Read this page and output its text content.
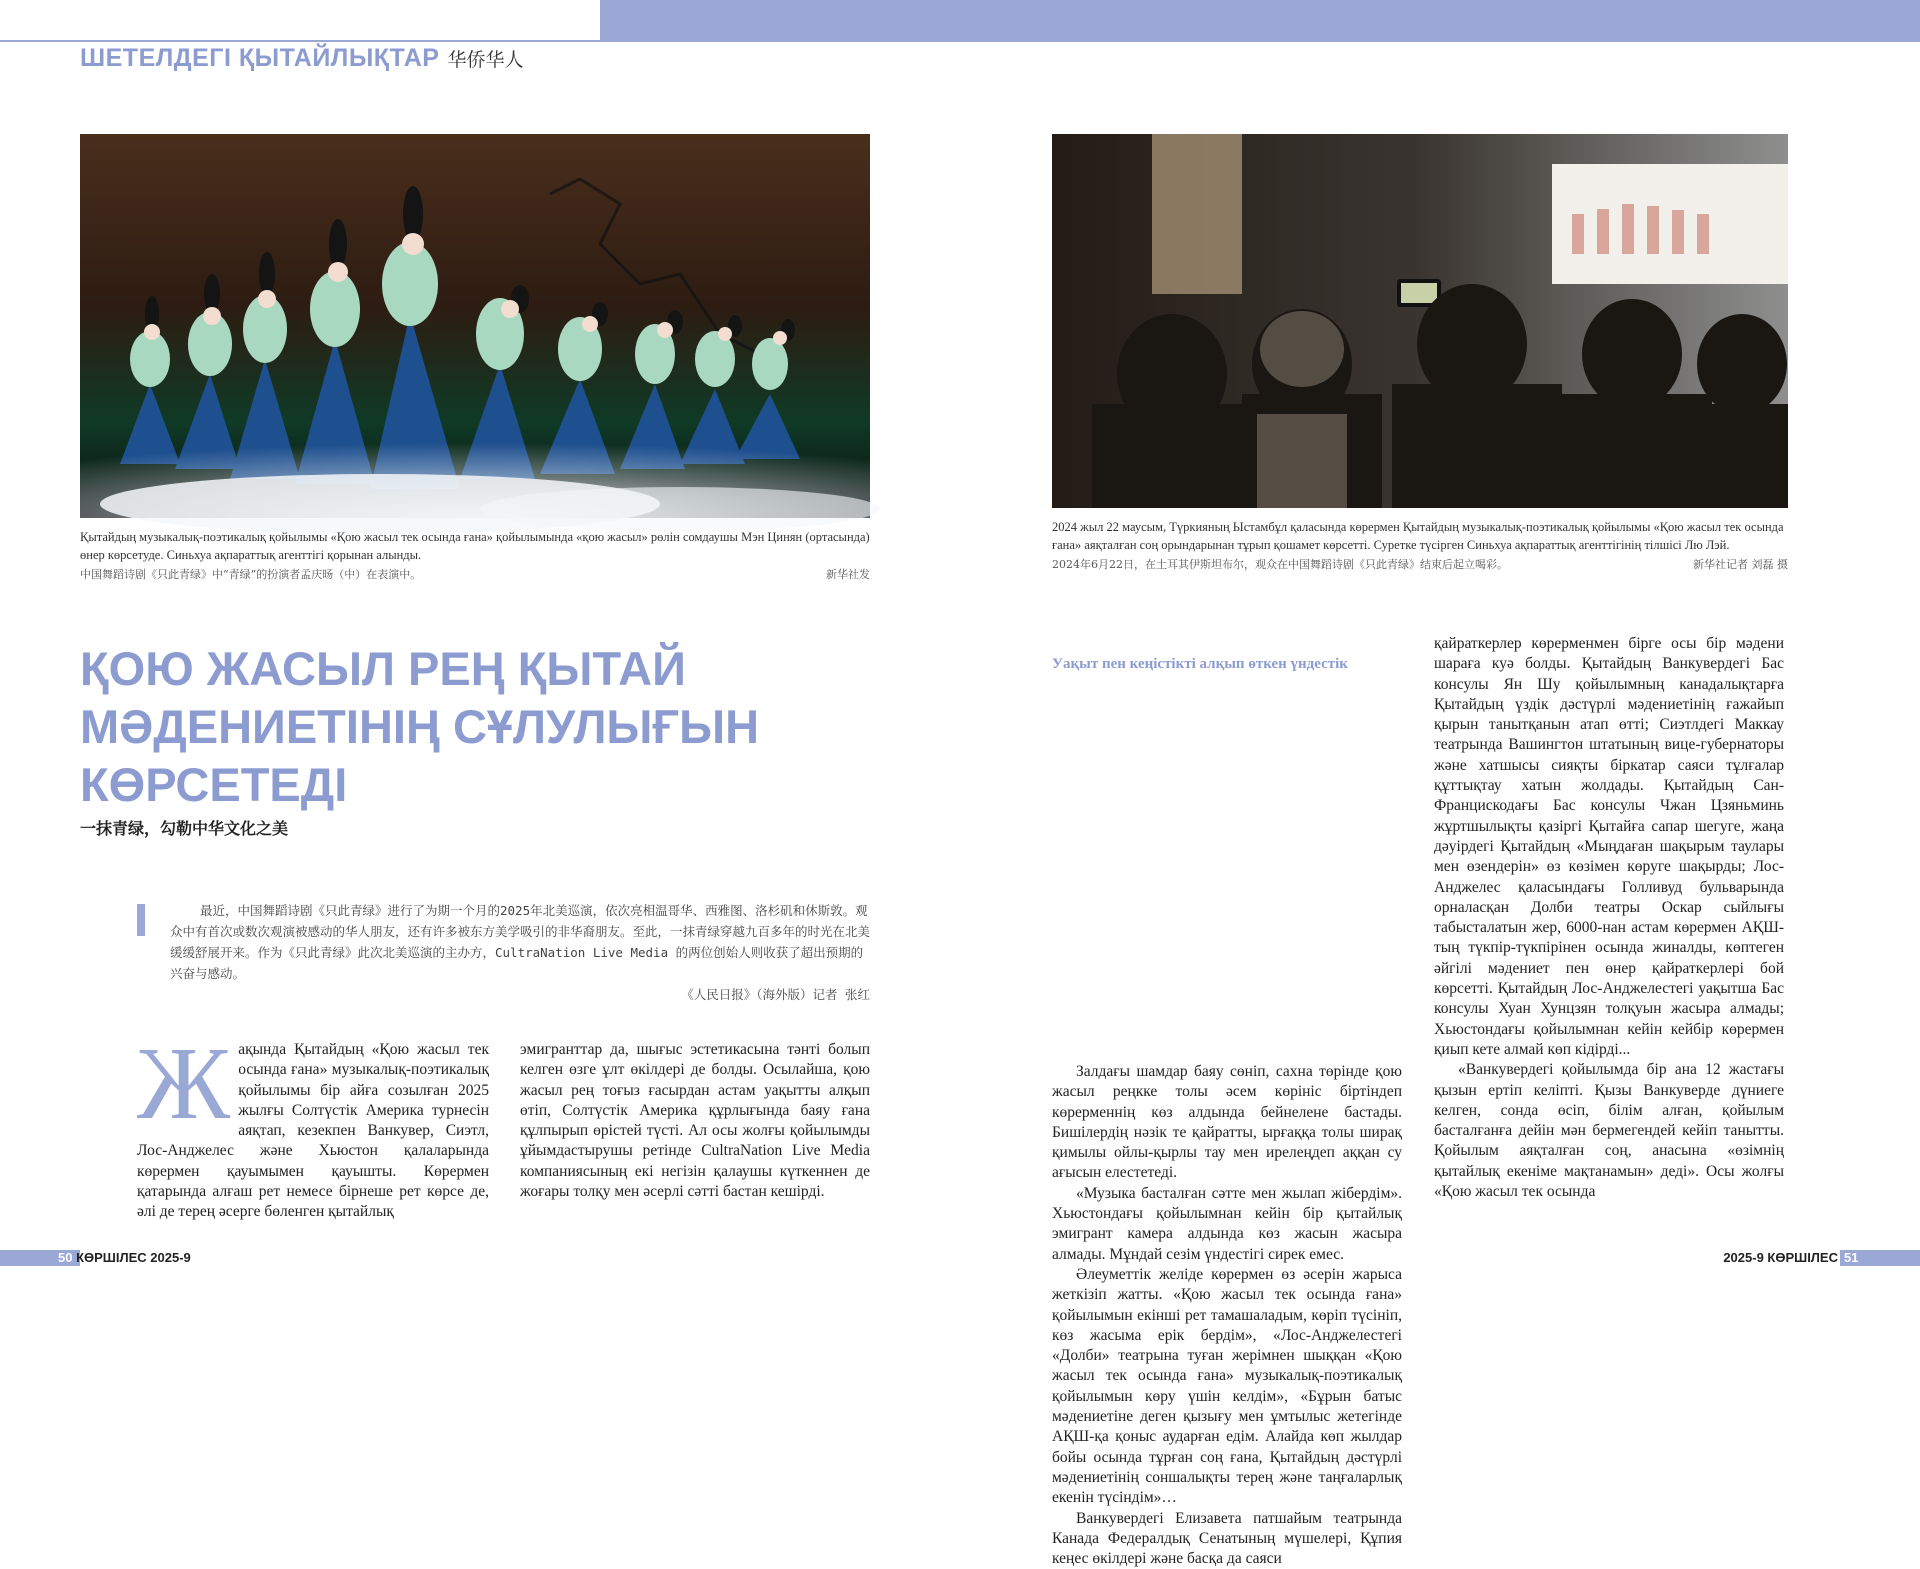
ШЕТЕЛДЕГІ ҚЫТАЙЛЫҚТАР 华侨华人
Қытайдың музыкалық-поэтикалық қойылымы «Қою жасыл тек осында ғана» қойылымында «қою жасыл» рөлін сомдаушы Мэн Цинян (ортасында) өнер көрсетуде. Синьхуа ақпараттық агенттігі қорынан алынды.
中国舞蹈诗剧《只此青绿》中“青绿”的扮演者孟庆旸（中）在表演中。	新华社发
2024 жыл 22 маусым, Түркияның Ыстамбұл қаласында көрермен Қытайдың музыкалық-поэтикалық қойылымы «Қою жасыл тек осында ғана» аяқталған соң орындарынан тұрып қошамет көрсетті. Суретке түсірген Синьхуа ақпараттық агенттігінің тілшісі Лю Лэй.
2024年6月22日，在土耳其伊斯坦布尔，观众在中国舞蹈诗剧《只此青绿》结束后起立喝彩。	新华社记者 刘磊 摄
ҚОЮ ЖАСЫЛ РЕҢ ҚЫТАЙ МӘДЕНИЕТІНІҢ СҰЛУЛЫҒЫН КӨРСЕТЕДІ
一抹青绿，勾勒中华文化之美
最近，中国舞蹈诗剧《只此青绿》进行了为期一个月的2025年北美巡演，依次亮相温哥华、西雅图、洛杉矶和休斯敦。观众中有首次或数次观演被感动的华人朋友，还有许多被东方美学吸引的非华裔朋友。至此，一抹青绿穿越九百多年的时光在北美缓缓舒展开来。作为《只此青绿》此次北美巡演的主办方，CultraNation Live Media 的两位创始人则收获了超出预期的兴奋与感动。
《人民日报》（海外版）记者 张红
Ж ақында Қытайдың «Қою жасыл тек осында ғана» музыкалық-поэтикалық қойылымы бір айға созылған 2025 жылғы Солтүстік Америка турнесін аяқтап, кезекпен Ванкувер, Сиэтл, Лос-Анджелес және Хьюстон қалаларында көрермен қауымымен қауышты. Көрермен қатарында алғаш рет немесе бірнеше рет көрсе де, әлі де терең әсерге бөленген қытайлық

эмигранттар да, шығыс эстетикасына тәнті болып келген өзге ұлт өкілдері де болды. Осылайша, қою жасыл рең тоғыз ғасырдан астам уақытты алқып өтіп, Солтүстік Америка құрлығында баяу ғана құлпырып өрістей түсті. Ал осы жолғы қойылымды ұйымдастырушы ретінде CultraNation Live Media компаниясының екі негізін қалаушы күткеннен де жоғары толқу мен әсерлі сәтті бастан кешірді.

Уақыт пен кеңістікті алқып өткен үндестік

Залдағы шамдар баяу сөніп, сахна төрінде қою жасыл реңкке толы әсем көрініс біртіндеп көрерменнің көз алдында бейнелене бастады. Бишілердің нәзік те қайратты, ырғаққа толы ширақ қимылы ойлы-қырлы тау мен ирелеңдеп аққан су ағысын елестетеді.

«Музыка басталған сәтте мен жылап жібердім». Хьюстондағы қойылымнан кейін бір қытайлық эмигрант камера алдында көз жасын жасыра алмады. Мұндай сезім үндестігі сирек емес.

Әлеуметтік желіде көрермен өз әсерін жарыса жеткізіп жатты. «Қою жасыл тек осында ғана» қойылымын екінші рет тамашаладым, көріп түсініп, көз жасыма ерік бердім», «Лос-Анджелестегі «Долби» театрына туған жерімнен шыққан «Қою жасыл тек осында ғана» музыкалық-поэтикалық қойылымын көру үшін келдім», «Бұрын батыс мәдениетіне деген қызығу мен ұмтылыс жетегінде АҚШ-қа қоныс аударған едім. Алайда көп жылдар бойы осында тұрған соң ғана, Қытайдың дәстүрлі мәдениетінің соншалықты терең және таңғаларлық екенін түсіндім»…

Ванкувердегі Елизавета патшайым театрында Канада Федералдық Сенатының мүшелері, Құпия кеңес өкілдері және басқа да саяси

қайраткерлер көрерменмен бірге осы бір мәдени шараға куә болды. Қытайдың Ванкувердегі Бас консулы Ян Шу қойылымның канадалықтарға Қытайдың үздік дәстүрлі мәдениетінің ғажайып қырын танытқанын атап өтті; Сиэтлдегі Маккау театрында Вашингтон штатының вице-губернаторы және хатшысы сияқты біркатар саяси тұлғалар құттықтау хатын жолдады. Қытайдың Сан-Францискодағы Бас консулы Чжан Цзяньминь жұртшылықты қазіргі Қытайға сапар шегуге, жаңа дәуірдегі Қытайдың «Мыңдаған шақырым таулары мен өзендерін» өз көзімен көруге шақырды; Лос-Анджелес қаласындағы Голливуд бульварында орналасқан Долби театры Оскар сыйлығы табысталатын жер, 6000-нан астам көрермен АҚШ-тың түкпір-түкпірінен осында жиналды, көптеген әйгілі мәдениет пен өнер қайраткерлері бой көрсетті. Қытайдың Лос-Анджелестегі уақытша Бас консулы Хуан Хунцзян толқуын жасыра алмады; Хьюстондағы қойылымнан кейін кейбір көрермен қиып кете алмай көп кідірді...

«Ванкувердегі қойылымда бір ана 12 жастағы қызын ертіп келіпті. Қызы Ванкуверде дүниеге келген, сонда өсіп, білім алған, қойылым басталғанға дейін мән бермегендей кейіп танытты. Қойылым аяқталған соң, анасына «өзімнің қытайлық екеніме мақтанамын» деді». Осы жолғы «Қою жасыл тек осында

50 КӨРШІЛЕС 2025-9	2025-9 КӨРШІЛЕС 51
